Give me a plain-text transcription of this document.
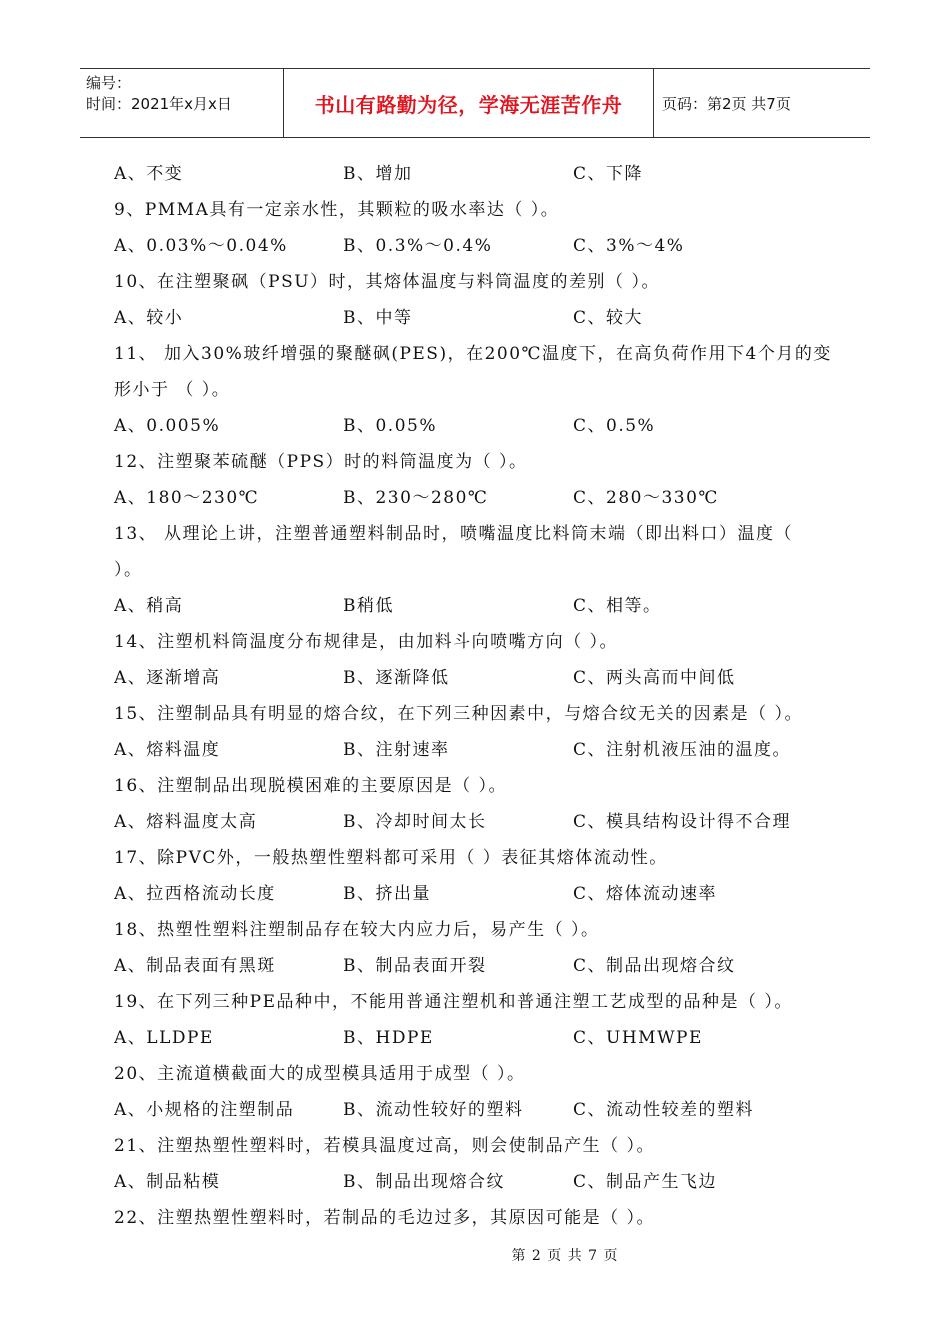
编号：
时间：2021年x月x日	书山有路勤为径，学海无涯苦作舟	页码：第2页 共7页
A、不变	B、增加	C、下降
9、PMMA具有一定亲水性，其颗粒的吸水率达（ ）。
A、0.03%～0.04%	B、0.3%～0.4%	C、3%～4%
10、在注塑聚砜（PSU）时，其熔体温度与料筒温度的差别（ ）。
A、较小	B、中等	C、较大
11、 加入30%玻纤增强的聚醚砜(PES)，在200℃温度下，在高负荷作用下4个月的变
形小于 （ ）。
A、0.005%	B、0.05%	C、0.5%
12、注塑聚苯硫醚（PPS）时的料筒温度为（ ）。
A、180～230℃	B、230～280℃	C、280～330℃
13、 从理论上讲，注塑普通塑料制品时，喷嘴温度比料筒末端（即出料口）温度（
）。
A、稍高	B稍低	C、相等。
14、注塑机料筒温度分布规律是，由加料斗向喷嘴方向（ ）。
A、逐渐增高	B、逐渐降低	C、两头高而中间低
15、注塑制品具有明显的熔合纹，在下列三种因素中，与熔合纹无关的因素是（ ）。
A、熔料温度	B、注射速率	C、注射机液压油的温度。
16、注塑制品出现脱模困难的主要原因是（ ）。
A、熔料温度太高	B、冷却时间太长	C、模具结构设计得不合理
17、除PVC外，一般热塑性塑料都可采用（ ）表征其熔体流动性。
A、拉西格流动长度	B、挤出量	C、熔体流动速率
18、热塑性塑料注塑制品存在较大内应力后，易产生（ ）。
A、制品表面有黑斑	B、制品表面开裂	C、制品出现熔合纹
19、在下列三种PE品种中，不能用普通注塑机和普通注塑工艺成型的品种是（ ）。
A、LLDPE	B、HDPE	C、UHMWPE
20、主流道横截面大的成型模具适用于成型（ ）。
A、小规格的注塑制品	B、流动性较好的塑料	C、流动性较差的塑料
21、注塑热塑性塑料时，若模具温度过高，则会使制品产生（ ）。
A、制品粘模	B、制品出现熔合纹	C、制品产生飞边
22、注塑热塑性塑料时，若制品的毛边过多，其原因可能是（ ）。
第 2 页 共 7 页
